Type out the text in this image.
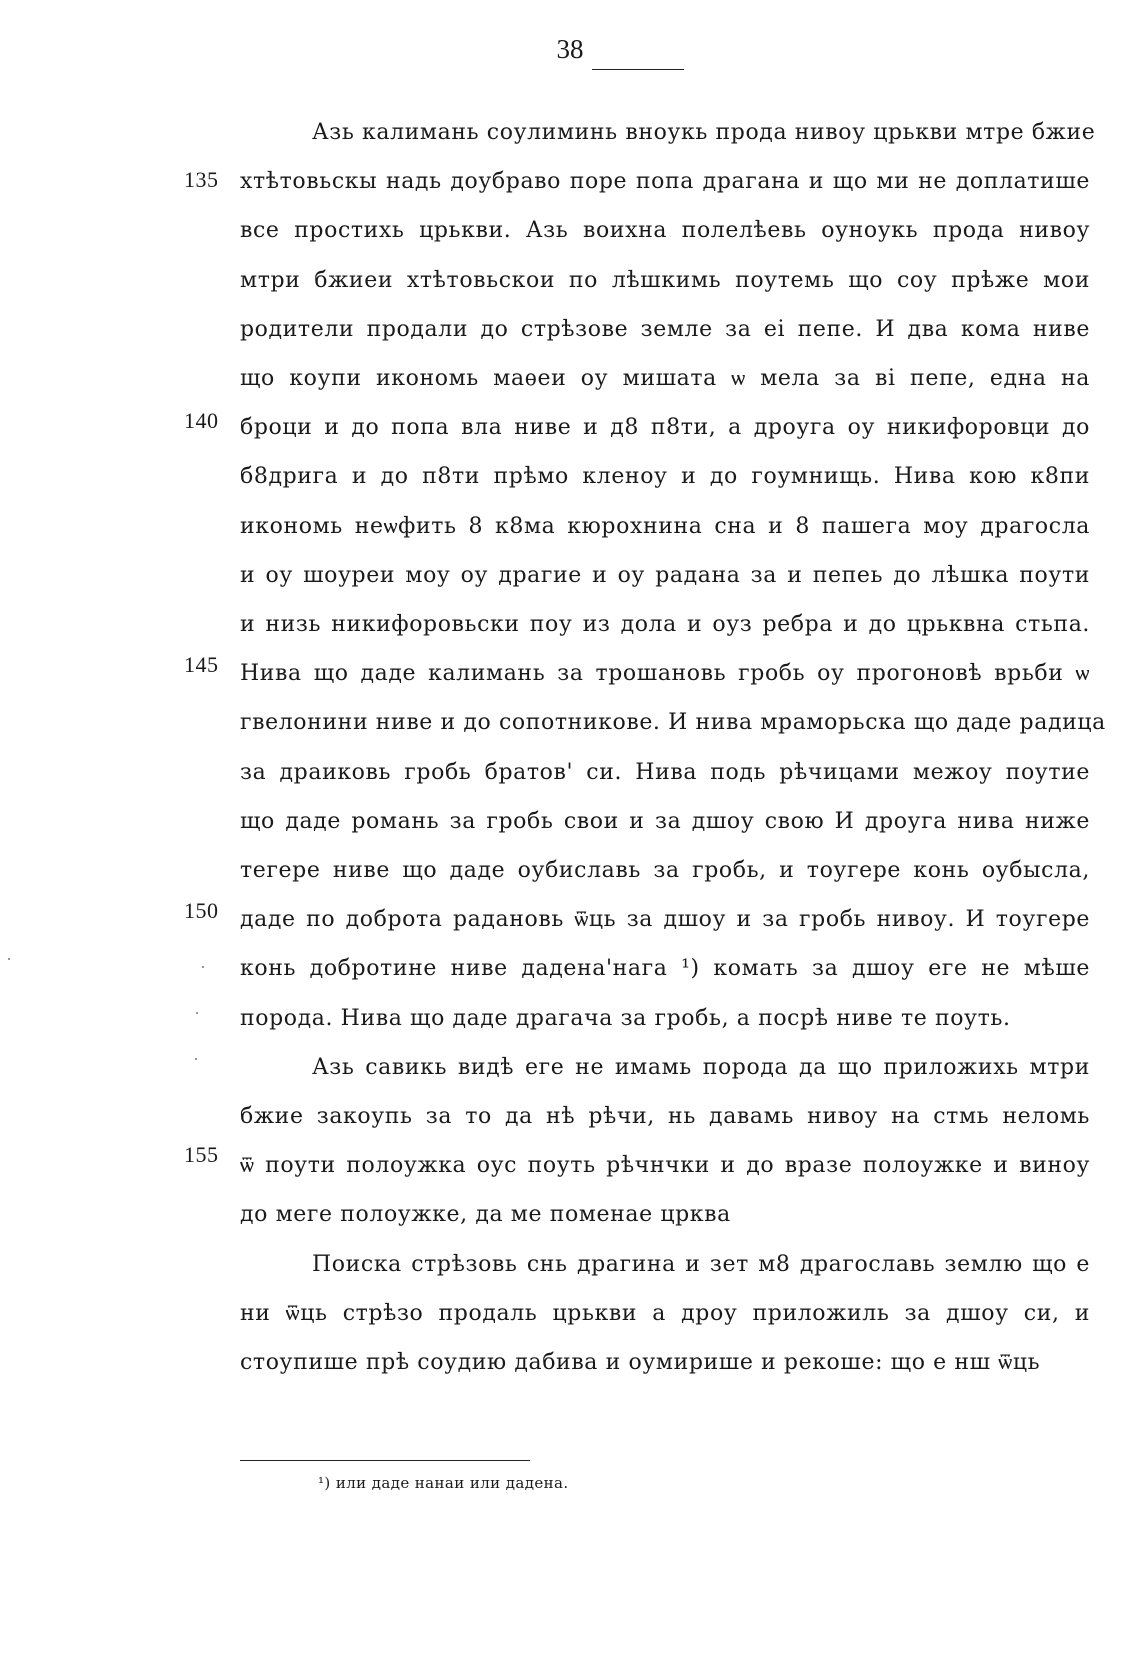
38
Азь калимань соулиминь вноукь прода нивоу црькви мтре бжие
хтѣтовьскы надь доубраво поре попа драгана и що ми не доплатише
все простихь црькви. Азь воихна полелѣевь оуноукь прода нивоу
мтри бжиеи хтѣтовьскои по лѣшкимь поутемь що соу прѣже мои
родители продали до стрѣзове земле за еі пепе. И два кома ниве
що коупи икономь маѳеи оу мишата ѡ мела за ві пепе, една на
броци и до попа вла ниве и д8 п8ти, а дроуга оу никифоровци до
б8дрига и до п8ти прѣмо кленоу и до гоумнищь. Нива кою к8пи
икономь неѡфить 8 к8ма кюрохнина сна и 8 пашега моу драгосла
и оу шоуреи моу оу драгие и оу радана за и пепеь до лѣшка поути
и низь никифоровьски поу из дола и оуз ребра и до црьквна стьпа.
Нива що даде калимань за трошановь гробь оу прогоновѣ врьби ѡ
гвелонини ниве и до сопотникове. И нива мраморьска що даде радица
за драиковь гробь братов' си. Нива подь рѣчицами межоу поутие
що даде романь за гробь свои и за дшоу свою И дроуга нива ниже
тегере ниве що даде оубиславь за гробь, и тоугере конь оубысла,
даде по доброта радановь ѿць за дшоу и за гробь нивоу. И тоугере
конь добротине ниве дадена'нага ¹) комать за дшоу еге не мѣше
порода. Нива що даде драгача за гробь, а посрѣ ниве те поуть.
Азь савикь видѣ еге не имамь порода да що приложихь мтри
бжие закоупь за то да нѣ рѣчи, нь давамь нивоу на стмь неломь
ѿ поути полоужка оус поуть рѣчнчки и до вразе полоужке и виноу
до меге полоужке, да ме поменае црква
Поиска стрѣзовь снь драгина и зет м8 драгославь землю що е
ни ѿць стрѣзо продаль црькви а дроу приложиль за дшоу си, и
стоупише прѣ соудию дабива и оумирише и рекоше: що е нш ѿць
135
140
145
150
155
¹) или даде нанаи или дадена.
